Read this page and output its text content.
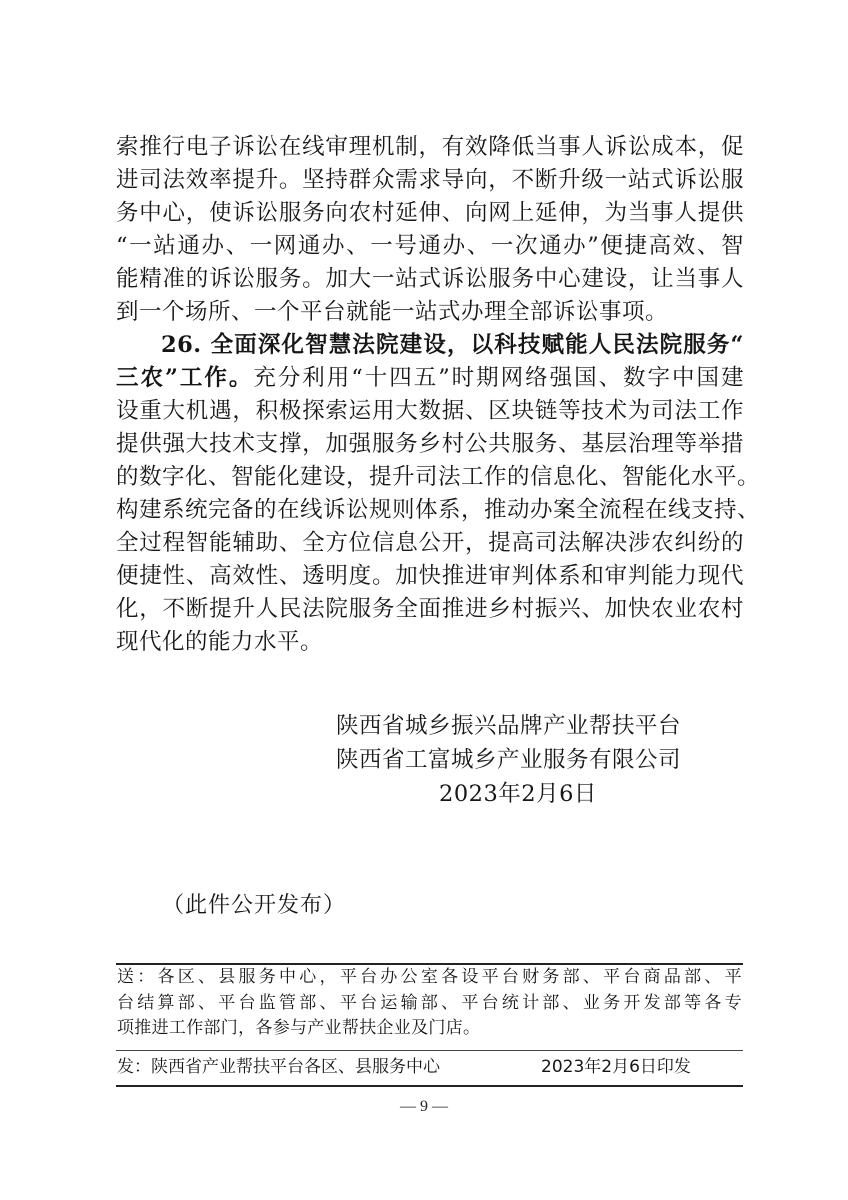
索推行电子诉讼在线审理机制，有效降低当事人诉讼成本，促
进司法效率提升。坚持群众需求导向，不断升级一站式诉讼服
务中心，使诉讼服务向农村延伸、向网上延伸，为当事人提供
“一站通办、一网通办、一号通办、一次通办”便捷高效、智
能精准的诉讼服务。加大一站式诉讼服务中心建设，让当事人
到一个场所、一个平台就能一站式办理全部诉讼事项。
26. 全面深化智慧法院建设，以科技赋能人民法院服务“
三农”工作。充分利用“十四五”时期网络强国、数字中国建
设重大机遇，积极探索运用大数据、区块链等技术为司法工作
提供强大技术支撑，加强服务乡村公共服务、基层治理等举措
的数字化、智能化建设，提升司法工作的信息化、智能化水平。
构建系统完备的在线诉讼规则体系，推动办案全流程在线支持、
全过程智能辅助、全方位信息公开，提高司法解决涉农纠纷的
便捷性、高效性、透明度。加快推进审判体系和审判能力现代
化，不断提升人民法院服务全面推进乡村振兴、加快农业农村
现代化的能力水平。
陕西省城乡振兴品牌产业帮扶平台
陕西省工富城乡产业服务有限公司
2023年2月6日
（此件公开发布）
送：各区、县服务中心，平台办公室各设平台财务部、平台商品部、平
台结算部、平台监管部、平台运输部、平台统计部、业务开发部等各专
项推进工作部门，各参与产业帮扶企业及门店。
发：陕西省产业帮扶平台各区、县服务中心	2023年2月6日印发
— 9 —
